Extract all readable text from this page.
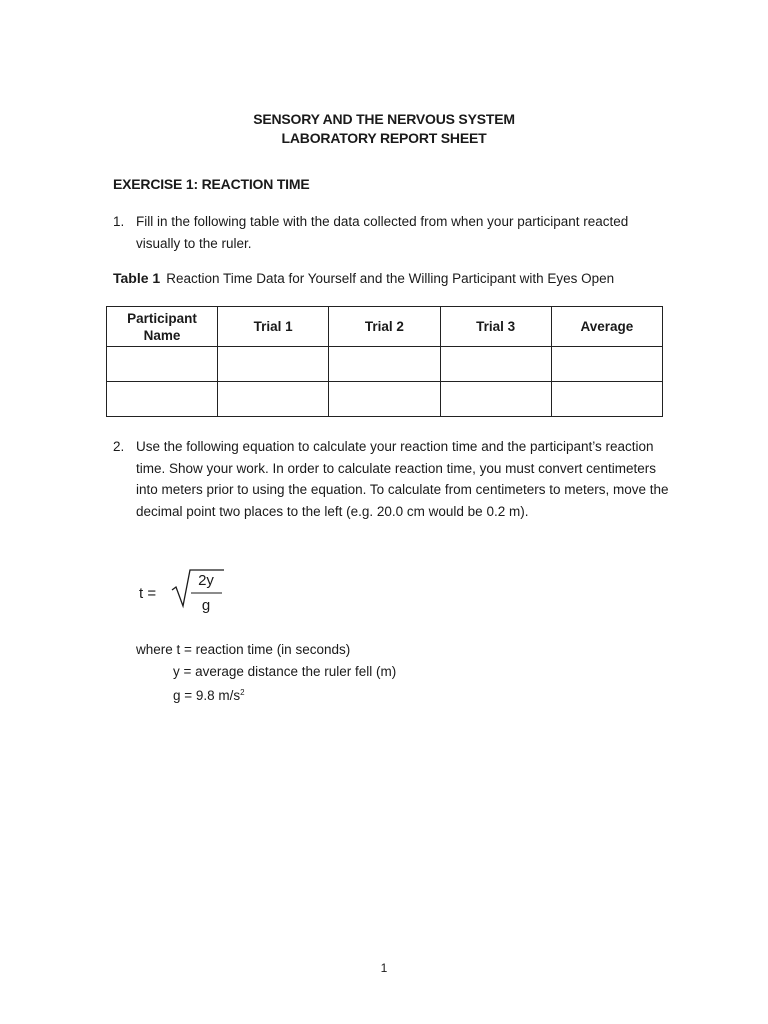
SENSORY AND THE NERVOUS SYSTEM
LABORATORY REPORT SHEET
EXERCISE 1: REACTION TIME
1. Fill in the following table with the data collected from when your participant reacted visually to the ruler.
Table 1 Reaction Time Data for Yourself and the Willing Participant with Eyes Open
Participant Name	Trial 1	Trial 2	Trial 3	Average

2. Use the following equation to calculate your reaction time and the participant’s reaction time. Show your work. In order to calculate reaction time, you must convert centimeters into meters prior to using the equation. To calculate from centimeters to meters, move the decimal point two places to the left (e.g. 20.0 cm would be 0.2 m).
t =
2y
g
where t = reaction time (in seconds)
y = average distance the ruler fell (m)
g = 9.8 $m/s^2$
1
